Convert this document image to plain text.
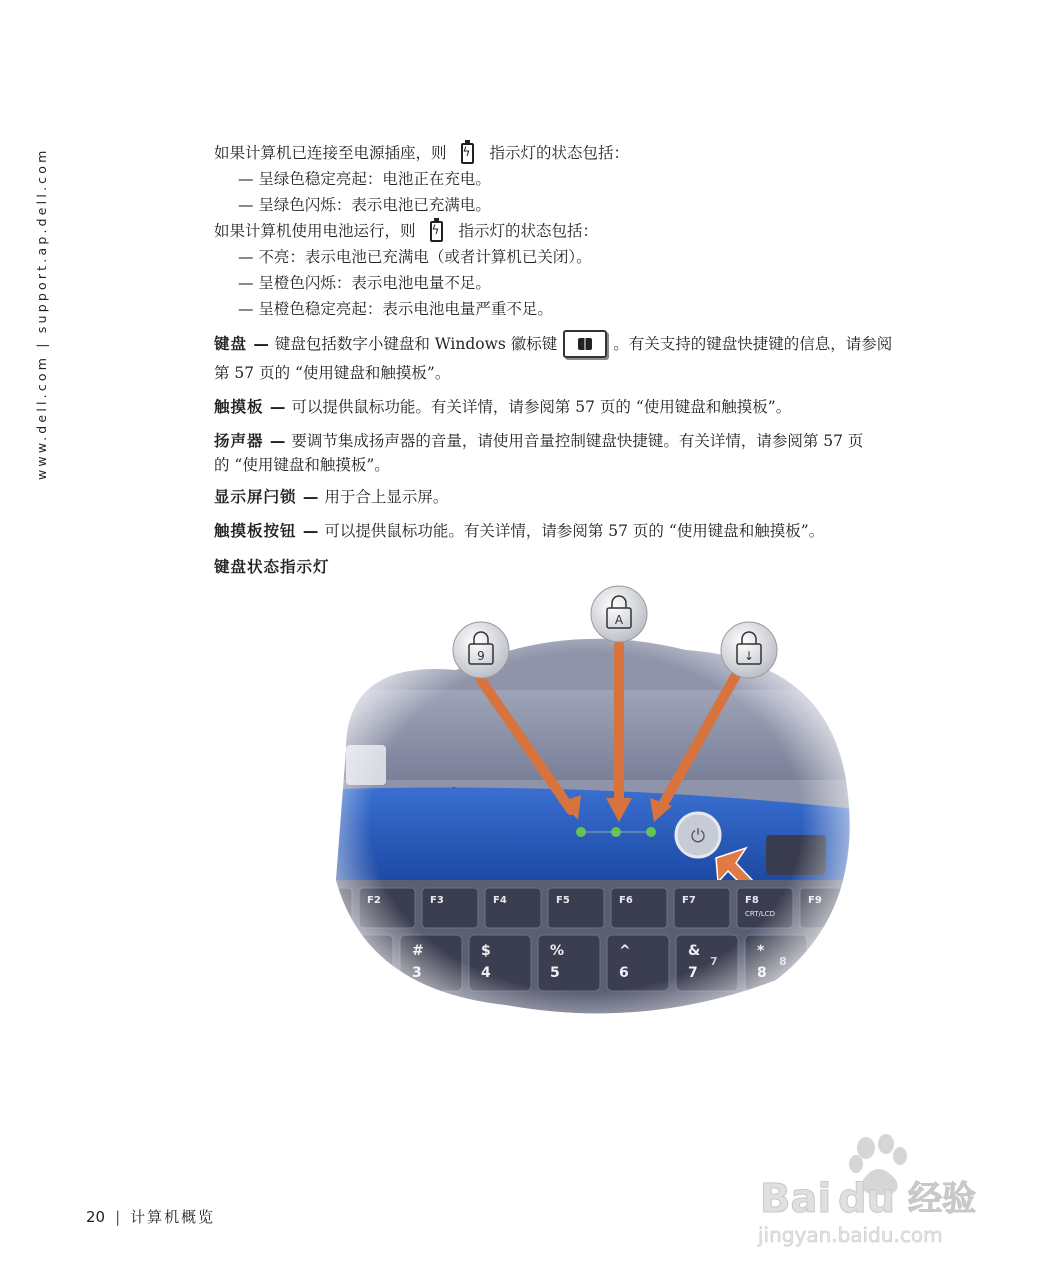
www.dell.com | support.ap.dell.com	如果计算机已连接至电源插座，则 ϟ	指示灯的状态包括：

— 呈绿色稳定亮起：电池正在充电。

— 呈绿色闪烁：表示电池已充满电。

如果计算机使用电池运行，则 ϟ	指示灯的状态包括：

— 不亮：表示电池已充满电（或者计算机已关闭）。

— 呈橙色闪烁：表示电池电量不足。

— 呈橙色稳定亮起：表示电池电量严重不足。

键盘 —
键盘包括数字小键盘和 Windows 徽标键	。有关支持的键盘快捷键的信息，请参阅

第 57 页的 “使用键盘和触摸板”。

触摸板 —
可以提供鼠标功能。有关详情，请参阅第 57 页的 “使用键盘和触摸板”。

扬声器 —
要调节集成扬声器的音量，请使用音量控制键盘快捷键。有关详情，请参阅第 57 页

的 “使用键盘和触摸板”。

显示屏闩锁 —
用于合上显示屏。

触摸板按钮 —
可以提供鼠标功能。有关详情，请参阅第 57 页的 “使用键盘和触摸板”。

键盘状态指示灯

9
A
↓
20 | 计算机概览	Bai du 经验
jingyan.baidu.com
